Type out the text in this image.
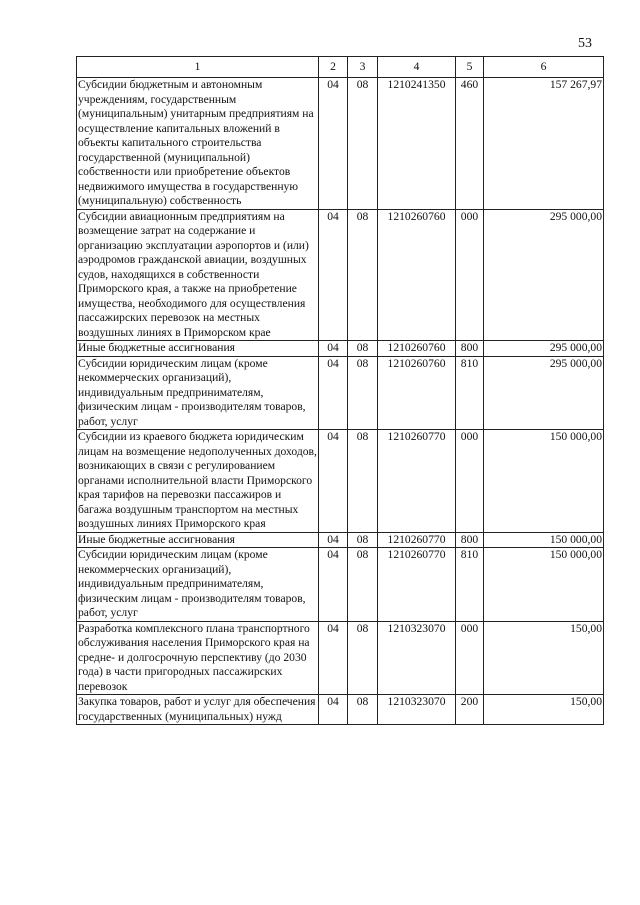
53
1	2	3	4	5	6
Субсидии бюджетным и автономным учреждениям, государственным (муниципальным) унитарным предприятиям на осуществление капитальных вложений в объекты капитального строительства государственной (муниципальной) собственности или приобретение объектов недвижимого имущества в государственную (муниципальную) собственность	04	08	1210241350	460	157 267,97
Субсидии авиационным предприятиям на возмещение затрат на содержание и организацию эксплуатации аэропортов и (или) аэродромов гражданской авиации, воздушных судов, находящихся в собственности Приморского края, а также на приобретение имущества, необходимого для осуществления пассажирских перевозок на местных воздушных линиях в Приморском крае	04	08	1210260760	000	295 000,00
Иные бюджетные ассигнования	04	08	1210260760	800	295 000,00
Субсидии юридическим лицам (кроме некоммерческих организаций), индивидуальным предпринимателям, физическим лицам - производителям товаров, работ, услуг	04	08	1210260760	810	295 000,00
Субсидии из краевого бюджета юридическим лицам на возмещение недополученных доходов, возникающих в связи с регулированием органами исполнительной власти Приморского края тарифов на перевозки пассажиров и багажа воздушным транспортом на местных воздушных линиях Приморского края	04	08	1210260770	000	150 000,00
Иные бюджетные ассигнования	04	08	1210260770	800	150 000,00
Субсидии юридическим лицам (кроме некоммерческих организаций), индивидуальным предпринимателям, физическим лицам - производителям товаров, работ, услуг	04	08	1210260770	810	150 000,00
Разработка комплексного плана транспортного обслуживания населения Приморского края на средне- и долгосрочную перспективу (до 2030 года) в части пригородных пассажирских перевозок	04	08	1210323070	000	150,00
Закупка товаров, работ и услуг для обеспечения государственных (муниципальных) нужд	04	08	1210323070	200	150,00
